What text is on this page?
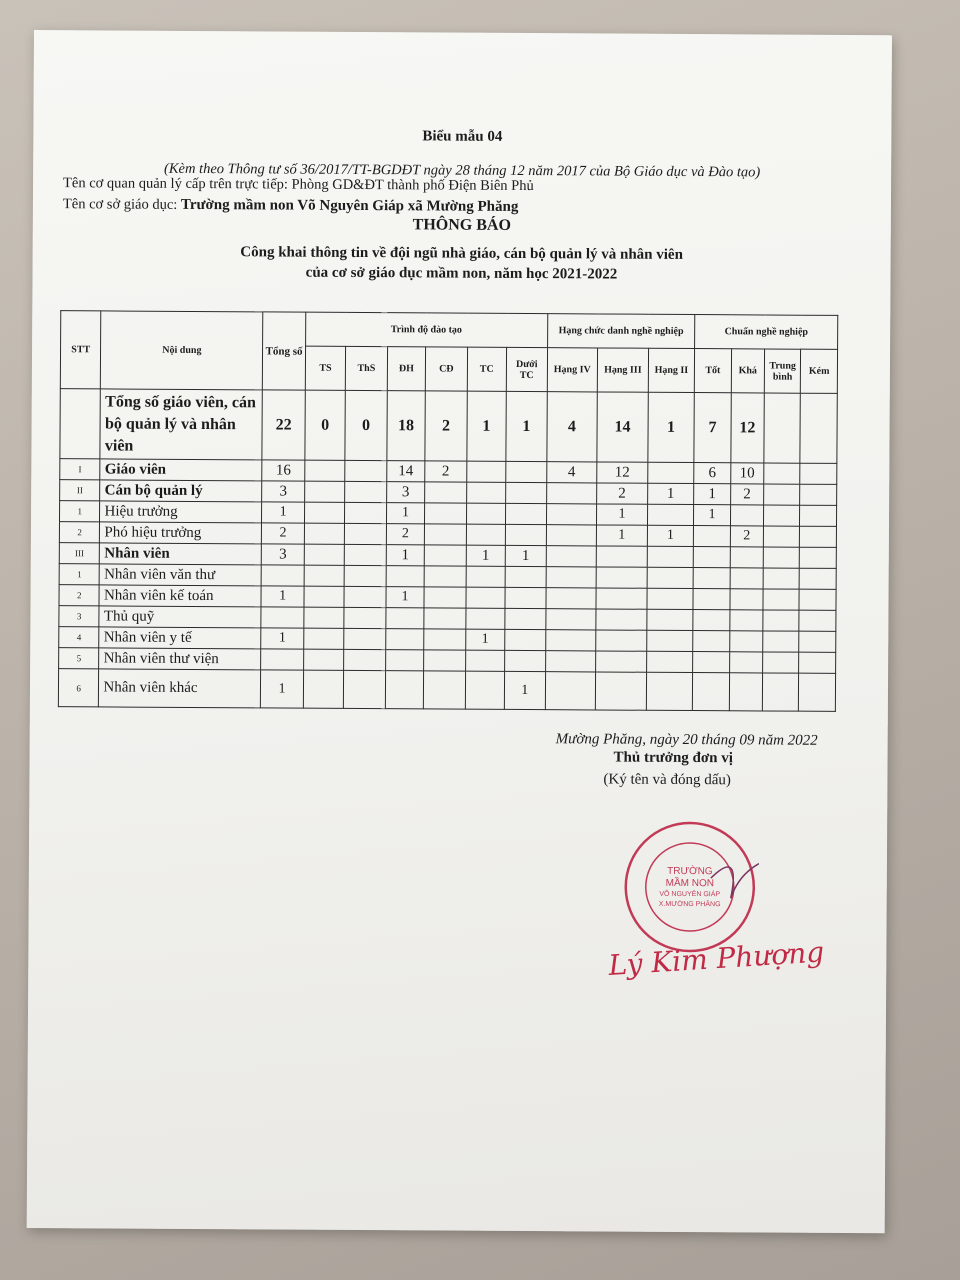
Biểu mẫu 04
(Kèm theo Thông tư số 36/2017/TT-BGDĐT ngày 28 tháng 12 năm 2017 của Bộ Giáo dục và Đào tạo)
Tên cơ quan quản lý cấp trên trực tiếp: Phòng GD&ĐT thành phố Điện Biên Phủ
Tên cơ sở giáo dục: Trường mầm non Võ Nguyên Giáp xã Mường Phăng
THÔNG BÁO
Công khai thông tin về đội ngũ nhà giáo, cán bộ quản lý và nhân viên
của cơ sở giáo dục mầm non, năm học 2021-2022
STT	Nội dung	Tổng số	Trình độ đào tạo						Hạng chức danh nghề nghiệp			Chuẩn nghề nghiệp			
			TS	ThS	ĐH	CĐ	TC	Dưới TC	Hạng IV	Hạng III	Hạng II	Tốt	Khá	Trung bình	Kém
	Tổng số giáo viên, cán bộ quản lý và nhân viên	22	0	0	18	2	1	1	4	14	1	7	12		
I	Giáo viên	16			14	2			4	12		6	10		
II	Cán bộ quản lý	3			3					2	1	1	2		
1	Hiệu trưởng	1			1					1		1			
2	Phó hiệu trưởng	2			2					1	1		2		
III	Nhân viên	3			1		1	1							
1	Nhân viên văn thư														
2	Nhân viên kế toán	1			1										
3	Thủ quỹ														
4	Nhân viên y tế	1					1								
5	Nhân viên thư viện														
6	Nhân viên khác	1						1							
Mường Phăng, ngày 20 tháng 09 năm 2022
Thủ trưởng đơn vị
(Ký tên và đóng dấu)
TRƯỜNG
MẦM NON
VÕ NGUYÊN GIÁP
X.MƯỜNG PHĂNG
Lý Kim Phượng
